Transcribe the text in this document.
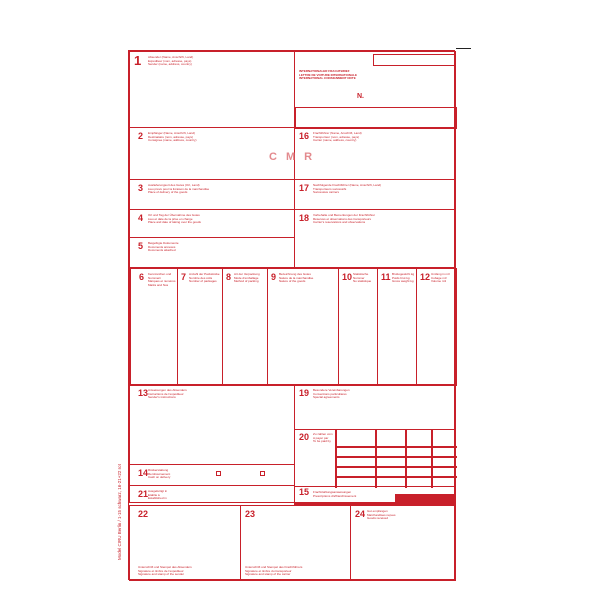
1 Absender (Name, Anschrift, Land)
Expéditeur (nom, adresse, pays)
Sender (name, address, country)
2 Empfänger (Name, Anschrift, Land)
Destinataire (nom, adresse, pays)
Consignee (name, address, country)
3 Auslieferungsort des Gutes (Ort, Land)
Lieu prévu pour la livraison de la marchandise
Place of delivery of the goods
4 Ort und Tag der Übernahme des Gutes
Lieu et date de la prise en charge
Place and date of taking over the goods
5 Beigefügte Dokumente
Documents annexés
Documents attached
INTERNATIONALER FRACHTBRIEF
LETTRE DE VOITURE INTERNATIONALE
INTERNATIONAL CONSIGNMENT NOTE
N.
16 Frachtführer (Name, Anschrift, Land)
Transporteur (nom, adresse, pays)
Carrier (name, address, country)
17 Nachfolgende Frachtführer (Name, Anschrift, Land)
Transporteurs successifs
Successive carriers
18 Vorbehalte und Bemerkungen der Frachtführer
Réserves et observations des transporteurs
Carrier's reservations and observations
CMR
6 Kennzeichen und Nummern
Marques et numéros
Marks and Nos
7 Anzahl der Packstücke
Nombre des colis
Number of packages	8 Art der Verpackung
Mode d'emballage
Method of packing 9 Bezeichnung des Gutes
Nature de la marchandise
Nature of the goods	10 Statistische Nummer
No statistique	11 Bruttogewicht kg
Poids brut kg
Gross weight kg 12 Umfang in m3
Cubage m3
Volume m3
13 Anweisungen des Absenders
Instructions de l'expéditeur
Sender's instructions
14 Rückerstattung
Remboursement
Cash on delivery
21 Ausgefertigt in
Etablie à
Established in
19 Besondere Vereinbarungen
Conventions particulières
Special agreements
20 Zu zahlen vom
A payer par
To be paid by
15 Frachtzahlungsanweisungen
Prescriptions d'affranchissement
22
Unterschrift und Stempel des Absenders
Signature et timbre de l'expéditeur
Signature and stamp of the sender
23
Unterschrift und Stempel des Frachtführers
Signature et timbre du transporteur
Signature and stamp of the carrier
24 Gut empfangen
Marchandises reçues
Goods received
Model CIRU Berlin / 1-15 schwarz, 16-21+22 rot
